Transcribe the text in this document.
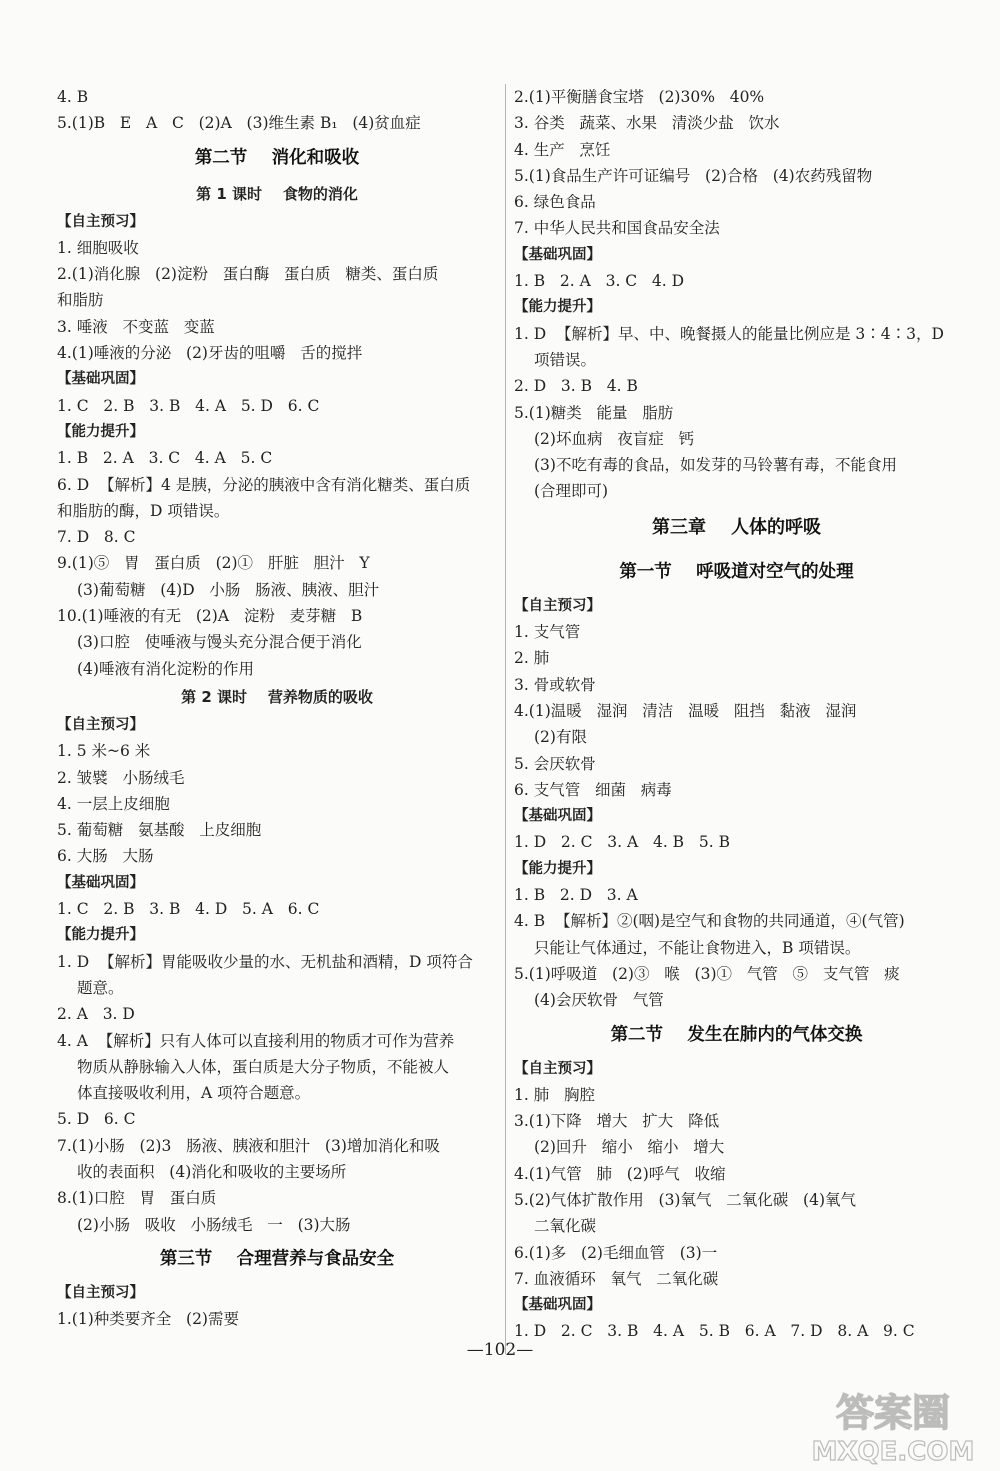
4. B
5.(1)B   E   A   C   (2)A   (3)维生素 B₁   (4)贫血症
第二节    消化和吸收
第 1 课时    食物的消化
【自主预习】
1. 细胞吸收
2.(1)消化腺   (2)淀粉   蛋白酶   蛋白质   糖类、蛋白质
和脂肪
3. 唾液   不变蓝   变蓝
4.(1)唾液的分泌   (2)牙齿的咀嚼   舌的搅拌
【基础巩固】
1. C   2. B   3. B   4. A   5. D   6. C
【能力提升】
1. B   2. A   3. C   4. A   5. C
6. D  【解析】4 是胰，分泌的胰液中含有消化糖类、蛋白质
和脂肪的酶，D 项错误。
7. D   8. C
9.(1)⑤   胃   蛋白质   (2)①   肝脏   胆汁   Y
(3)葡萄糖   (4)D   小肠   肠液、胰液、胆汁
10.(1)唾液的有无   (2)A   淀粉   麦芽糖   B
(3)口腔   使唾液与馒头充分混合便于消化
(4)唾液有消化淀粉的作用
第 2 课时    营养物质的吸收
【自主预习】
1. 5 米~6 米
2. 皱襞   小肠绒毛
4. 一层上皮细胞
5. 葡萄糖   氨基酸   上皮细胞
6. 大肠   大肠
【基础巩固】
1. C   2. B   3. B   4. D   5. A   6. C
【能力提升】
1. D  【解析】胃能吸收少量的水、无机盐和酒精，D 项符合
题意。
2. A   3. D
4. A  【解析】只有人体可以直接利用的物质才可作为营养
物质从静脉输入人体，蛋白质是大分子物质，不能被人
体直接吸收利用，A 项符合题意。
5. D   6. C
7.(1)小肠   (2)3   肠液、胰液和胆汁   (3)增加消化和吸
收的表面积   (4)消化和吸收的主要场所
8.(1)口腔   胃   蛋白质
(2)小肠   吸收   小肠绒毛   一   (3)大肠
第三节    合理营养与食品安全
【自主预习】
1.(1)种类要齐全   (2)需要
2.(1)平衡膳食宝塔   (2)30%   40%
3. 谷类   蔬菜、水果   清淡少盐   饮水
4. 生产   烹饪
5.(1)食品生产许可证编号   (2)合格   (4)农药残留物
6. 绿色食品
7. 中华人民共和国食品安全法
【基础巩固】
1. B   2. A   3. C   4. D
【能力提升】
1. D  【解析】早、中、晚餐摄人的能量比例应是 3∶4∶3，D
项错误。
2. D   3. B   4. B
5.(1)糖类   能量   脂肪
(2)坏血病   夜盲症   钙
(3)不吃有毒的食品，如发芽的马铃薯有毒，不能食用
(合理即可)
第三章    人体的呼吸
第一节    呼吸道对空气的处理
【自主预习】
1. 支气管
2. 肺
3. 骨或软骨
4.(1)温暖   湿润   清洁   温暖   阻挡   黏液   湿润
(2)有限
5. 会厌软骨
6. 支气管   细菌   病毒
【基础巩固】
1. D   2. C   3. A   4. B   5. B
【能力提升】
1. B   2. D   3. A
4. B  【解析】②(咽)是空气和食物的共同通道，④(气管)
只能让气体通过，不能让食物进入，B 项错误。
5.(1)呼吸道   (2)③   喉   (3)①   气管   ⑤   支气管   痰
(4)会厌软骨   气管
第二节    发生在肺内的气体交换
【自主预习】
1. 肺   胸腔
3.(1)下降   增大   扩大   降低
(2)回升   缩小   缩小   增大
4.(1)气管   肺   (2)呼气   收缩
5.(2)气体扩散作用   (3)氧气   二氧化碳   (4)氧气
二氧化碳
6.(1)多   (2)毛细血管   (3)一
7. 血液循环   氧气   二氧化碳
【基础巩固】
1. D   2. C   3. B   4. A   5. B   6. A   7. D   8. A   9. C
—102—
答案圈
MXQE.COM
